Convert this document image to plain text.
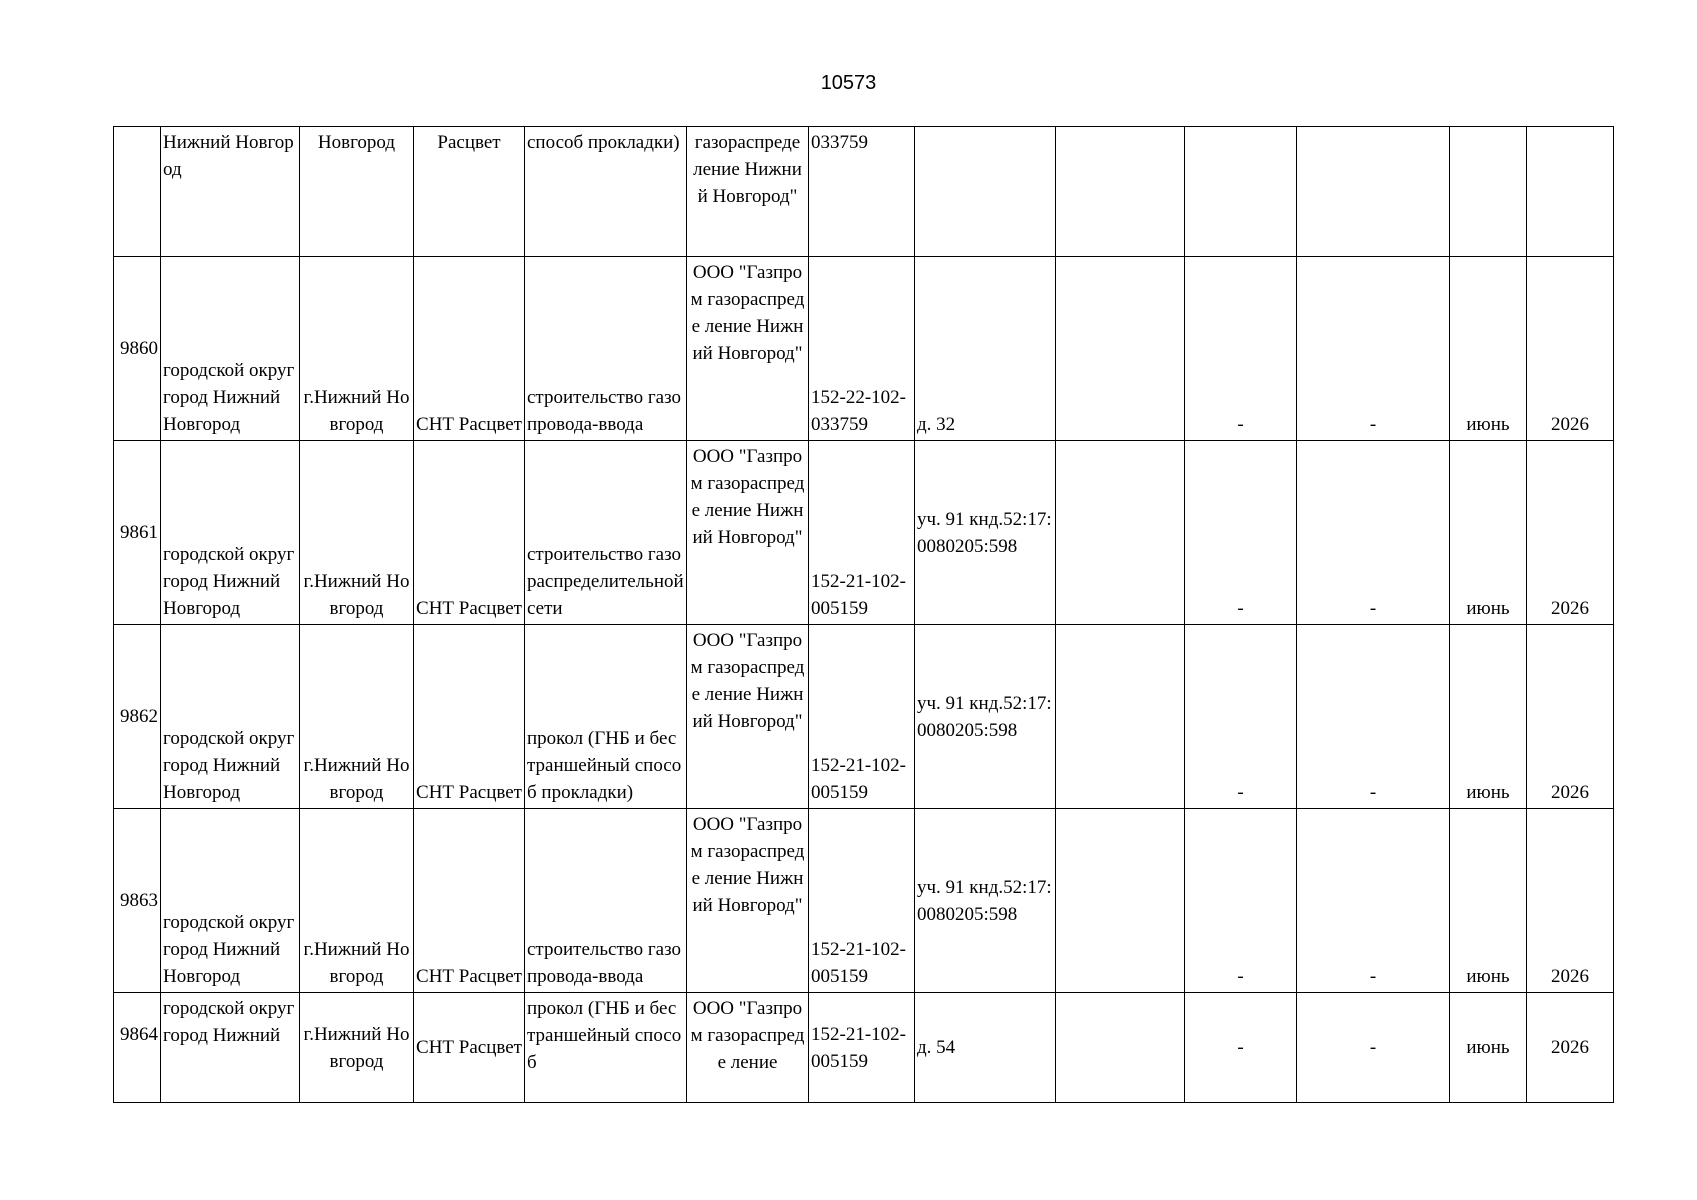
10573

	Нижний Новгород	Новгород	Расцвет	способ прокладки)	газораспреде ление Нижний Новгород"	033759						

9860	городской округ город Нижний Новгород	г.Нижний Новгород	СНТ Расцвет	строительство газопровода-ввода	ООО "Газпром газораспреде ление Нижний Новгород"	152-22-102-033759	д. 32		-	-	июнь	2026
9861	городской округ город Нижний Новгород	г.Нижний Новгород	СНТ Расцвет	строительство газораспределительной сети	ООО "Газпром газораспреде ление Нижний Новгород"	152-21-102-005159	уч. 91 кнд.52:17:0080205:598		-	-	июнь	2026
9862	городской округ город Нижний Новгород	г.Нижний Новгород	СНТ Расцвет	прокол (ГНБ и бестраншейный способ прокладки)	ООО "Газпром газораспреде ление Нижний Новгород"	152-21-102-005159	уч. 91 кнд.52:17:0080205:598		-	-	июнь	2026
9863	городской округ город Нижний Новгород	г.Нижний Новгород	СНТ Расцвет	строительство газопровода-ввода	ООО "Газпром газораспреде ление Нижний Новгород"	152-21-102-005159	уч. 91 кнд.52:17:0080205:598		-	-	июнь	2026
9864	городской округ город Нижний	г.Нижний Новгород	СНТ Расцвет	прокол (ГНБ и бестраншейный способ	ООО "Газпром газораспреде ление	152-21-102-005159	д. 54		-	-	июнь	2026
